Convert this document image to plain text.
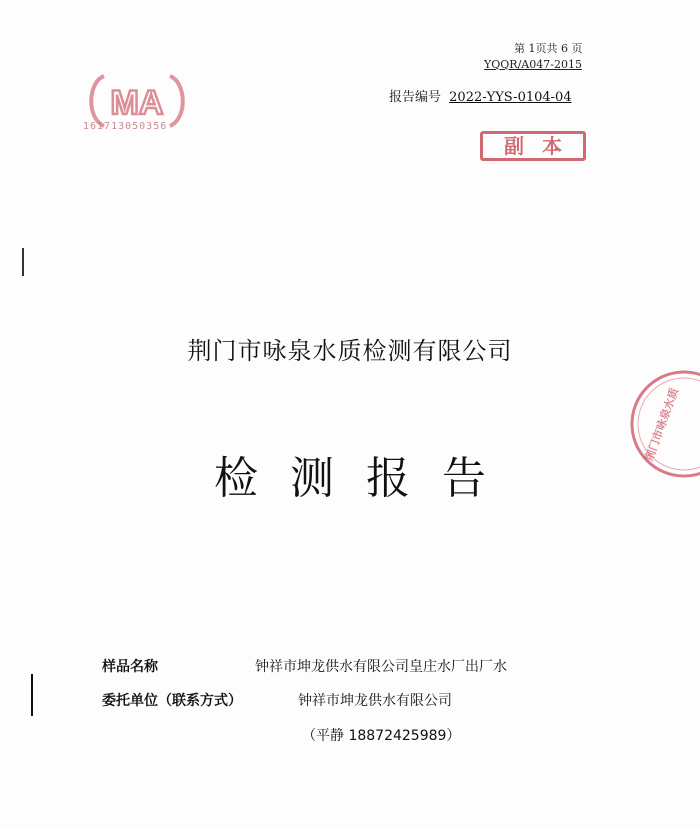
MA
161713050356
第 1页共 6 页
YQQR/A047-2015
报告编号 2022-YYS-0104-04
副本
荆门市咏泉水质检测有限公司
检测报告
荆门市咏泉水质
样品名称	钟祥市坤龙供水有限公司皇庄水厂出厂水
委托单位（联系方式）	钟祥市坤龙供水有限公司
（平静 18872425989）
